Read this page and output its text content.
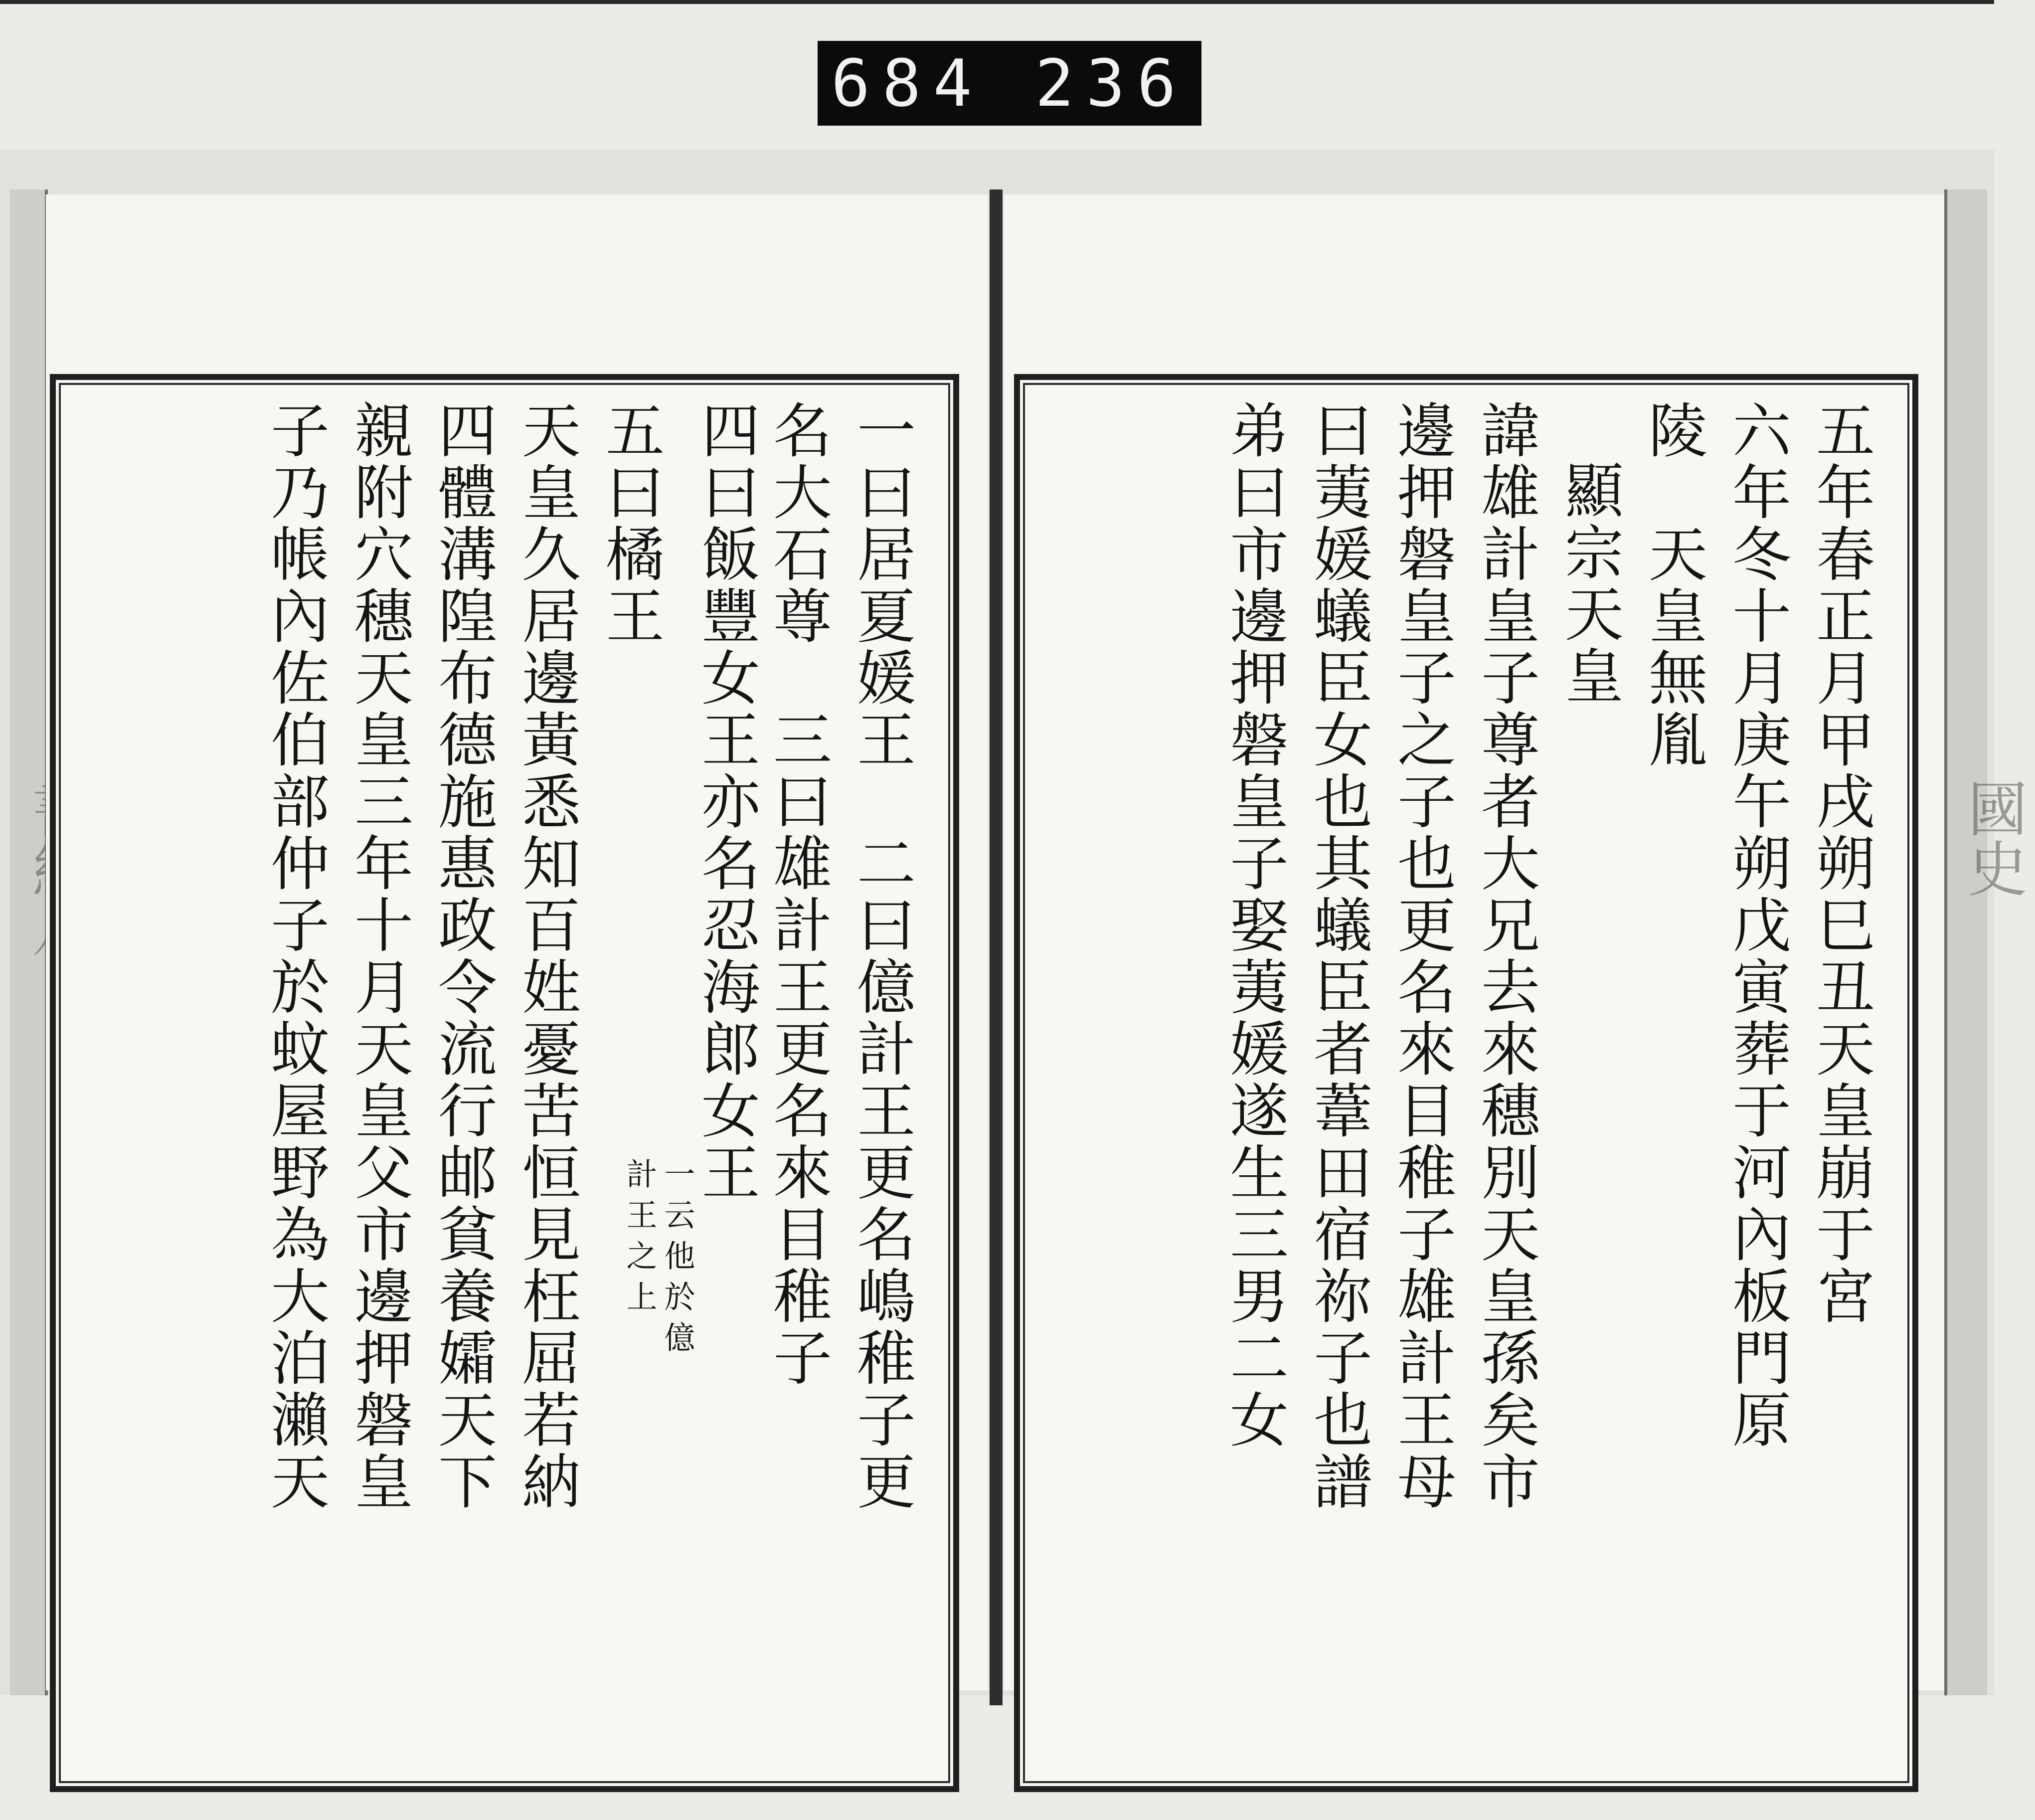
684 236
國史
一曰居夏媛王　二曰億計王更名嶋稚子更
名大石尊　三曰雄計王更名來目稚子
四曰飯豐女王亦名忍海郎女王
一云他於億
計王之上
五曰橘王
天皇久居邊黃悉知百姓憂苦恒見枉屈若納
四體溝隍布德施惠政令流行邮貧養孀天下
親附穴穗天皇三年十月天皇父市邊押磐皇
子乃帳內佐伯部仲子於蚊屋野為大泊瀨天	五年春正月甲戌朔巳丑天皇崩于宮
六年冬十月庚午朔戊寅葬于河內板門原
陵　天皇無胤
顯宗天皇
諱雄計皇子尊者大兄去來穗別天皇孫矣市
邊押磐皇子之子也更名來目稚子雄計王母
曰荑媛蟻臣女也其蟻臣者葦田宿祢子也譜
弟曰市邊押磐皇子娶荑媛遂生三男二女
